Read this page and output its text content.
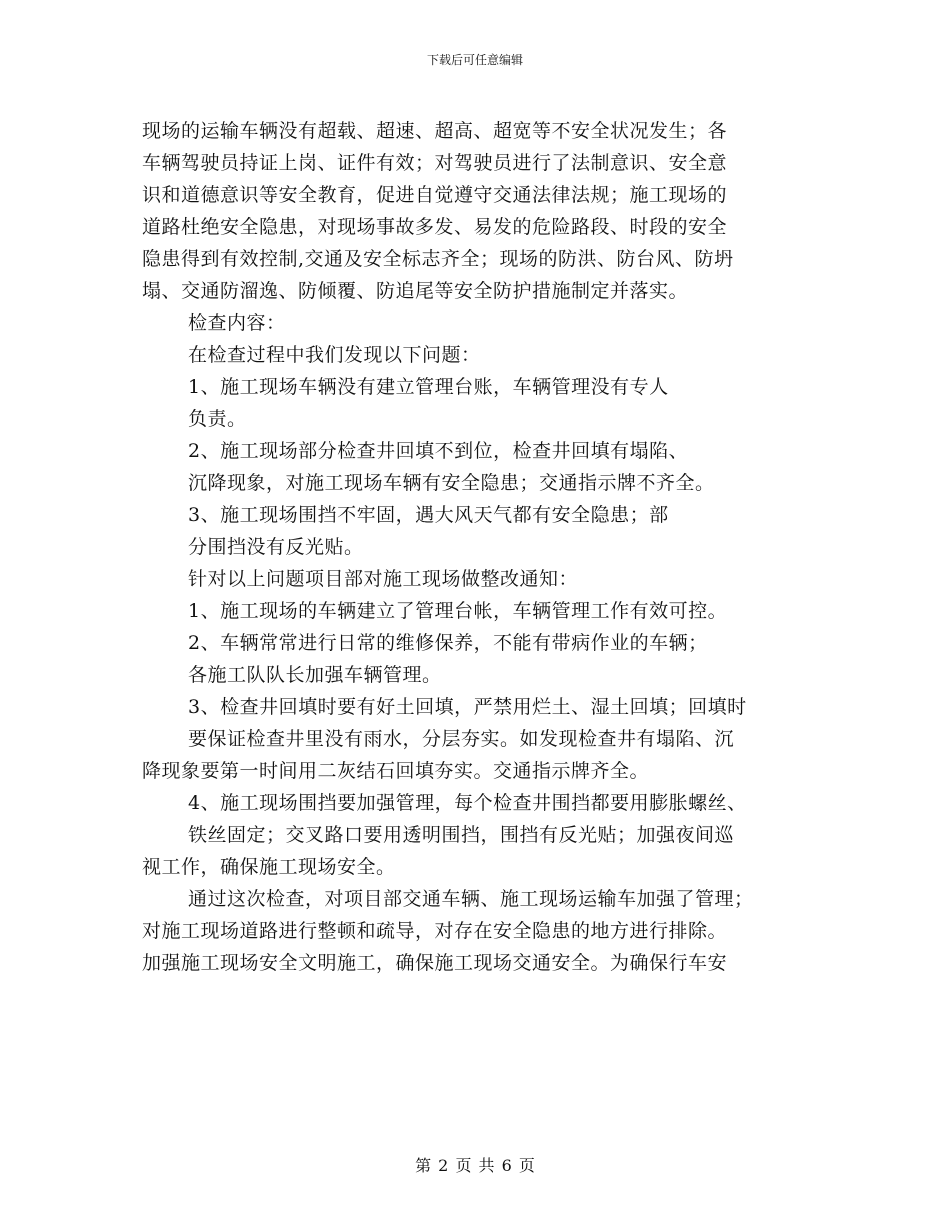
下载后可任意编辑
现场的运输车辆没有超载、超速、超高、超宽等不安全状况发生；各
车辆驾驶员持证上岗、证件有效；对驾驶员进行了法制意识、安全意
识和道德意识等安全教育，促进自觉遵守交通法律法规；施工现场的
道路杜绝安全隐患，对现场事故多发、易发的危险路段、时段的安全
隐患得到有效控制,交通及安全标志齐全；现场的防洪、防台风、防坍
塌、交通防溜逸、防倾覆、防追尾等安全防护措施制定并落实。
检查内容：
在检查过程中我们发现以下问题：
1、施工现场车辆没有建立管理台账，车辆管理没有专人
负责。
2、施工现场部分检查井回填不到位，检查井回填有塌陷、
沉降现象，对施工现场车辆有安全隐患；交通指示牌不齐全。
3、施工现场围挡不牢固，遇大风天气都有安全隐患；部
分围挡没有反光贴。
针对以上问题项目部对施工现场做整改通知：
1、施工现场的车辆建立了管理台帐，车辆管理工作有效可控。
2、车辆常常进行日常的维修保养，不能有带病作业的车辆；
各施工队队长加强车辆管理。
3、检查井回填时要有好土回填，严禁用烂土、湿土回填；回填时
要保证检查井里没有雨水，分层夯实。如发现检查井有塌陷、沉
降现象要第一时间用二灰结石回填夯实。交通指示牌齐全。
4、施工现场围挡要加强管理，每个检查井围挡都要用膨胀螺丝、
铁丝固定；交叉路口要用透明围挡，围挡有反光贴；加强夜间巡
视工作，确保施工现场安全。
通过这次检查，对项目部交通车辆、施工现场运输车加强了管理；
对施工现场道路进行整顿和疏导，对存在安全隐患的地方进行排除。
加强施工现场安全文明施工，确保施工现场交通安全。为确保行车安
第 2 页 共 6 页
